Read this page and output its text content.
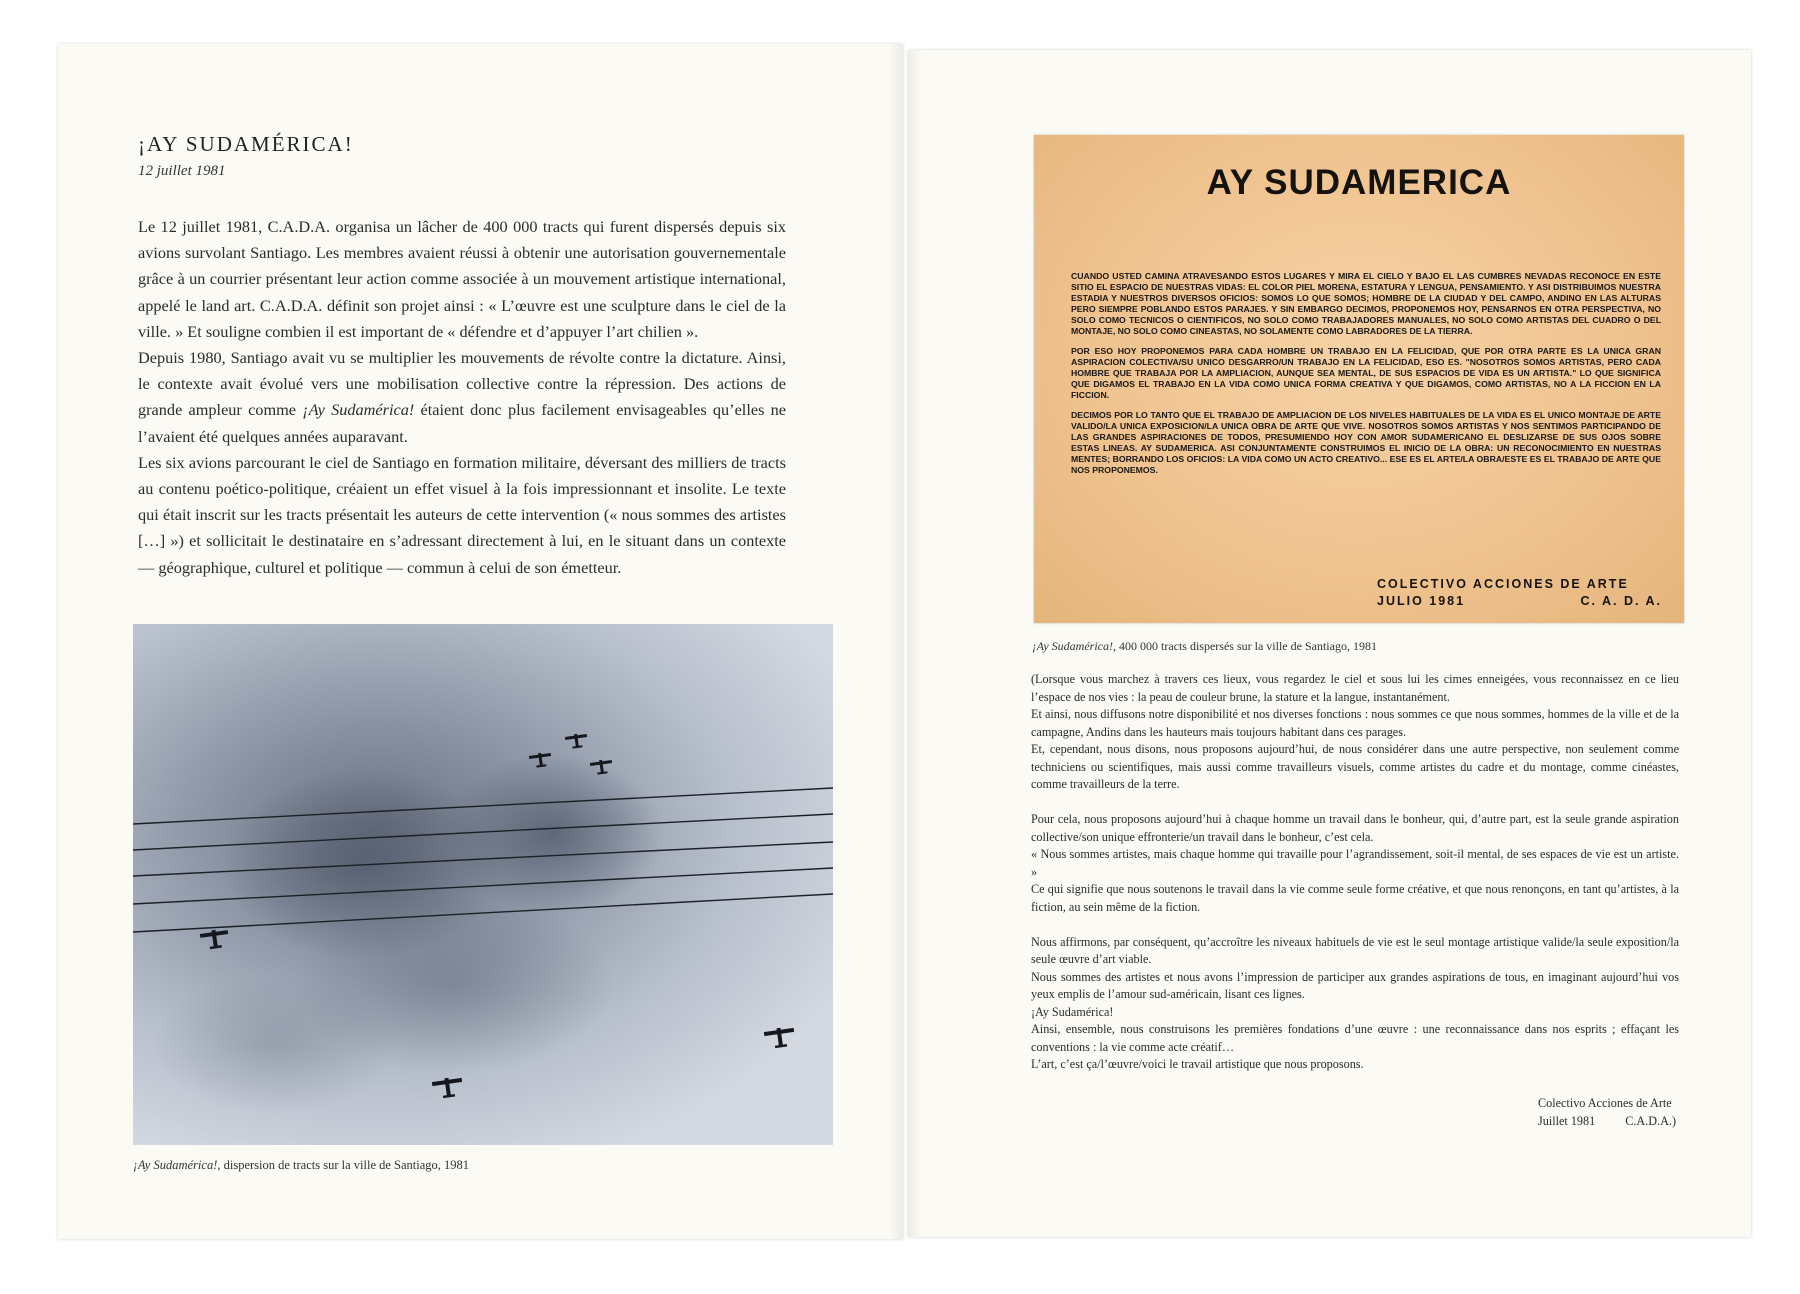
¡AY SUDAMÉRICA!
12 juillet 1981

Le 12 juillet 1981, C.A.D.A. organisa un lâcher de 400 000 tracts qui furent dispersés depuis six avions survolant Santiago. Les membres avaient réussi à obtenir une autorisation gouvernementale grâce à un courrier présentant leur action comme associée à un mouvement artistique international, appelé le land art. C.A.D.A. définit son projet ainsi : « L’œuvre est une sculpture dans le ciel de la ville. » Et souligne combien il est important de « défendre et d’appuyer l’art chilien ».

Depuis 1980, Santiago avait vu se multiplier les mouvements de révolte contre la dictature. Ainsi, le contexte avait évolué vers une mobilisation collective contre la répression. Des actions de grande ampleur comme ¡Ay Sudamérica! étaient donc plus facilement envisageables qu’elles ne l’avaient été quelques années auparavant.

Les six avions parcourant le ciel de Santiago en formation militaire, déversant des milliers de tracts au contenu poético-politique, créaient un effet visuel à la fois impressionnant et insolite. Le texte qui était inscrit sur les tracts présentait les auteurs de cette intervention (« nous sommes des artistes […] ») et sollicitait le destinataire en s’adressant directement à lui, en le situant dans un contexte — géographique, culturel et politique — commun à celui de son émetteur.

¡Ay Sudamérica!, dispersion de tracts sur la ville de Santiago, 1981
AY SUDAMERICA

CUANDO USTED CAMINA ATRAVESANDO ESTOS LUGARES Y MIRA EL CIELO Y BAJO EL LAS CUMBRES NEVADAS RECONOCE EN ESTE SITIO EL ESPACIO DE NUESTRAS VIDAS: EL COLOR PIEL MORENA, ESTATURA Y LENGUA, PENSAMIENTO. Y ASI DISTRIBUIMOS NUESTRA ESTADIA Y NUESTROS DIVERSOS OFICIOS: SOMOS LO QUE SOMOS; HOMBRE DE LA CIUDAD Y DEL CAMPO, ANDINO EN LAS ALTURAS PERO SIEMPRE POBLANDO ESTOS PARAJES. Y SIN EMBARGO DECIMOS, PROPONEMOS HOY, PENSARNOS EN OTRA PERSPECTIVA, NO SOLO COMO TECNICOS O CIENTIFICOS, NO SOLO COMO TRABAJADORES MANUALES, NO SOLO COMO ARTISTAS DEL CUADRO O DEL MONTAJE, NO SOLO COMO CINEASTAS, NO SOLAMENTE COMO LABRADORES DE LA TIERRA.

POR ESO HOY PROPONEMOS PARA CADA HOMBRE UN TRABAJO EN LA FELICIDAD, QUE POR OTRA PARTE ES LA UNICA GRAN ASPIRACION COLECTIVA/SU UNICO DESGARRO/UN TRABAJO EN LA FELICIDAD, ESO ES. "NOSOTROS SOMOS ARTISTAS, PERO CADA HOMBRE QUE TRABAJA POR LA AMPLIACION, AUNQUE SEA MENTAL, DE SUS ESPACIOS DE VIDA ES UN ARTISTA." LO QUE SIGNIFICA QUE DIGAMOS EL TRABAJO EN LA VIDA COMO UNICA FORMA CREATIVA Y QUE DIGAMOS, COMO ARTISTAS, NO A LA FICCION EN LA FICCION.

DECIMOS POR LO TANTO QUE EL TRABAJO DE AMPLIACION DE LOS NIVELES HABITUALES DE LA VIDA ES EL UNICO MONTAJE DE ARTE VALIDO/LA UNICA EXPOSICION/LA UNICA OBRA DE ARTE QUE VIVE. NOSOTROS SOMOS ARTISTAS Y NOS SENTIMOS PARTICIPANDO DE LAS GRANDES ASPIRACIONES DE TODOS, PRESUMIENDO HOY CON AMOR SUDAMERICANO EL DESLIZARSE DE SUS OJOS SOBRE ESTAS LINEAS. AY SUDAMERICA. ASI CONJUNTAMENTE CONSTRUIMOS EL INICIO DE LA OBRA: UN RECONOCIMIENTO EN NUESTRAS MENTES; BORRANDO LOS OFICIOS: LA VIDA COMO UN ACTO CREATIVO... ESE ES EL ARTE/LA OBRA/ESTE ES EL TRABAJO DE ARTE QUE NOS PROPONEMOS.

COLECTIVO ACCIONES DE ARTE
JULIO 1981	C. A. D. A.
¡Ay Sudamérica!, 400 000 tracts dispersés sur la ville de Santiago, 1981

(Lorsque vous marchez à travers ces lieux, vous regardez le ciel et sous lui les cimes enneigées, vous reconnaissez en ce lieu l’espace de nos vies : la peau de couleur brune, la stature et la langue, instantanément.

Et ainsi, nous diffusons notre disponibilité et nos diverses fonctions : nous sommes ce que nous sommes, hommes de la ville et de la campagne, Andins dans les hauteurs mais toujours habitant dans ces parages.

Et, cependant, nous disons, nous proposons aujourd’hui, de nous considérer dans une autre perspective, non seulement comme techniciens ou scientifiques, mais aussi comme travailleurs visuels, comme artistes du cadre et du montage, comme cinéastes, comme travailleurs de la terre.

Pour cela, nous proposons aujourd’hui à chaque homme un travail dans le bonheur, qui, d’autre part, est la seule grande aspiration collective/son unique effronterie/un travail dans le bonheur, c’est cela.

« Nous sommes artistes, mais chaque homme qui travaille pour l’agrandissement, soit-il mental, de ses espaces de vie est un artiste. »

Ce qui signifie que nous soutenons le travail dans la vie comme seule forme créative, et que nous renonçons, en tant qu’artistes, à la fiction, au sein même de la fiction.

Nous affirmons, par conséquent, qu’accroître les niveaux habituels de vie est le seul montage artistique valide/la seule exposition/la seule œuvre d’art viable.

Nous sommes des artistes et nous avons l’impression de participer aux grandes aspirations de tous, en imaginant aujourd’hui vos yeux emplis de l’amour sud-américain, lisant ces lignes.

¡Ay Sudamérica!

Ainsi, ensemble, nous construisons les premières fondations d’une œuvre : une reconnaissance dans nos esprits ; effaçant les conventions : la vie comme acte créatif…

L’art, c’est ça/l’œuvre/voici le travail artistique que nous proposons.

Colectivo Acciones de Arte
Juillet 1981 C.A.D.A.)
